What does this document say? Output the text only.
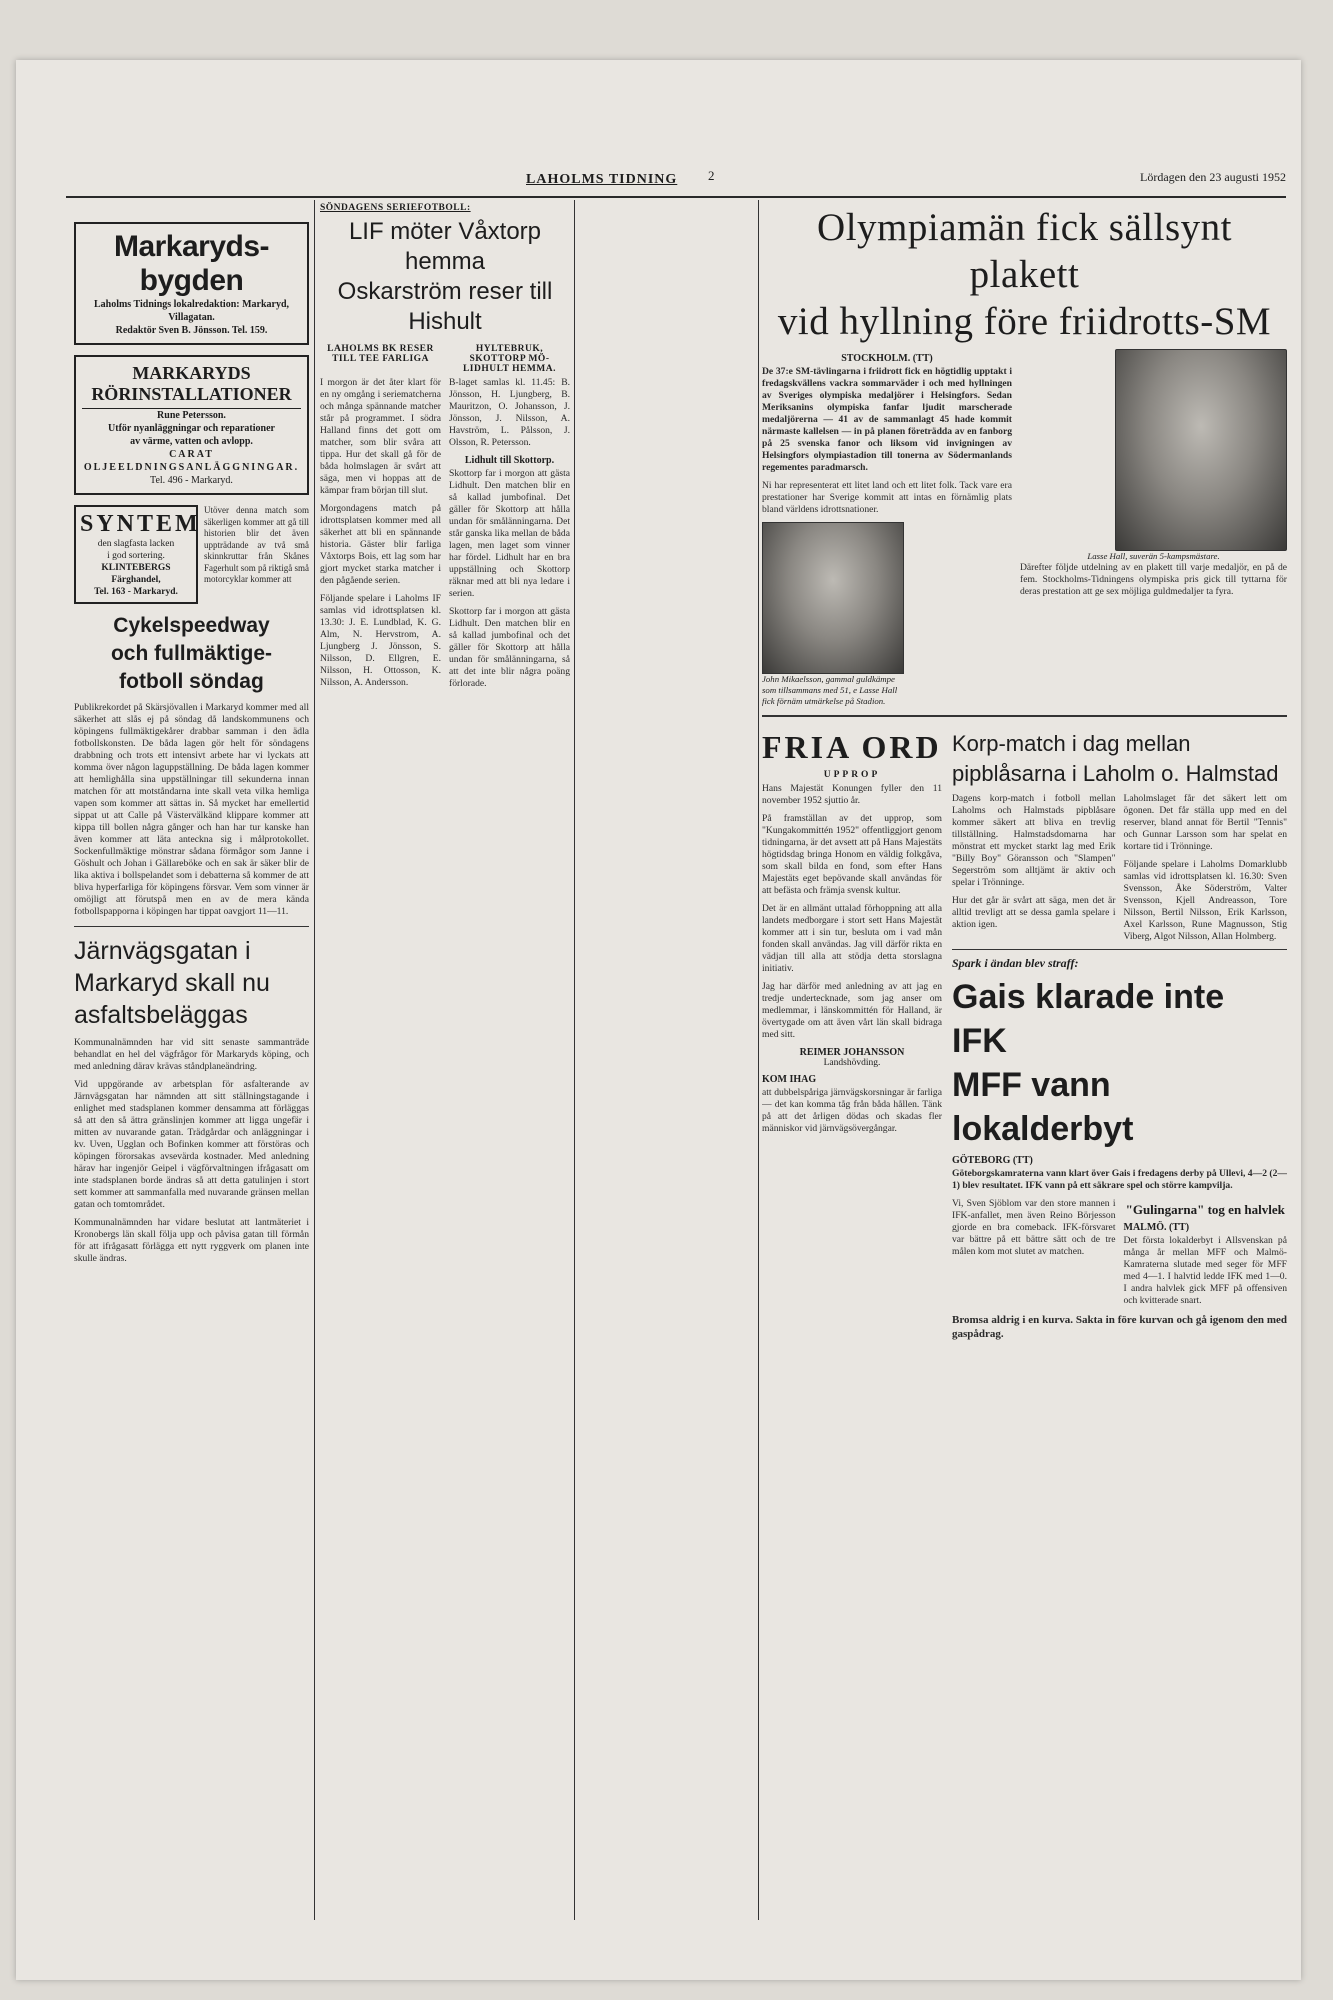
LAHOLMS TIDNING 2	Lördagen den 23 augusti 1952
Markaryds-bygden
Laholms Tidnings lokalredaktion: Markaryd, Villagatan.
Redaktör Sven B. Jönsson. Tel. 159.
MARKARYDS RÖRINSTALLATIONER
Rune Petersson.
Utför nyanläggningar och reparationer
av värme, vatten och avlopp.
CARAT OLJEELDNINGSANLÄGGNINGAR.
Tel. 496 - Markaryd.
SYNTEM
den slagfasta lacken
i god sortering.
KLINTEBERGS Färghandel,
Tel. 163 - Markaryd.

Utöver denna match som säkerligen kommer att gå till historien blir det även uppträdande av två små skinnkruttar från Skånes Fagerhult som på riktigå små motorcyklar kommer att

Cykelspeedway
och fullmäktige-
fotboll söndag

Publikrekordet på Skärsjövallen i Markaryd kommer med all säkerhet att slås ej på söndag då landskommunens och köpingens fullmäktigekårer drabbar samman i den ädla fotbollskonsten. De båda lagen gör helt för söndagens drabbning och trots ett intensivt arbete har vi lyckats att komma över någon laguppställning. De båda lagen kommer att hemlighålla sina uppställningar till sekunderna innan matchen för att motståndarna inte skall veta vilka hemliga vapen som kommer att sättas in. Så mycket har emellertid sippat ut att Calle på Västervälkänd klippare kommer att kippa till bollen några gånger och han har tur kanske han även kommer att läta anteckna sig i målprotokollet. Sockenfullmäktige mönstrar sådana förmågor som Janne i Göshult och Johan i Gällareböke och en sak är säker blir de lika aktiva i bollspelandet som i debatterna så kommer de att bliva hyperfarliga för köpingens försvar. Vem som vinner är omöjligt att förutspå men en av de mera kända fotbollspapporna i köpingen har tippat oavgjort 11—11.

Järnvägsgatan i Markaryd skall nu asfaltsbeläggas

Kommunalnämnden har vid sitt senaste sammanträde behandlat en hel del vägfrågor för Markaryds köping, och med anledning därav krävas ståndplaneändring.

Vid uppgörande av arbetsplan för asfalterande av Järnvägsgatan har nämnden att sitt ställningstagande i enlighet med stadsplanen kommer densamma att förläggas så att den så ättra gränslinjen kommer att ligga ungefär i mitten av nuvarande gatan. Trädgårdar och anläggningar i kv. Uven, Ugglan och Bofinken kommer att förstöras och köpingen förorsakas avsevärda kostnader. Med anledning härav har ingenjör Geipel i vägförvaltningen ifrågasatt om inte stadsplanen borde ändras så att detta gatulinjen i stort sett kommer att sammanfalla med nuvarande gränsen mellan gatan och tomtområdet.

Kommunalnämnden har vidare beslutat att lantmäteriet i Kronobergs län skall följa upp och påvisa gatan till förmån för att ifrågasatt förlägga ett nytt ryggverk om planen inte skulle ändras.

SÖNDAGENS SERIEFOTBOLL:
LIF möter Våxtorp hemma
Oskarström reser till Hishult
LAHOLMS BK RESER TILL TEE FARLIGA
HYLTEBRUK, SKOTTORP MÖ-LIDHULT HEMMA.

I morgon är det åter klart för en ny omgång i seriematcherna och många spännande matcher står på programmet. I södra Halland finns det gott om matcher, som blir svåra att tippa. Hur det skall gå för de båda holmslagen är svårt att säga, men vi hoppas att de kämpar fram början till slut.

Morgondagens match på idrottsplatsen kommer med all säkerhet att bli en spännande historia. Gäster blir farliga Våxtorps Bois, ett lag som har gjort mycket starka matcher i den pågående serien.

Följande spelare i Laholms IF samlas vid idrottsplatsen kl. 13.30: J. E. Lundblad, K. G. Alm, N. Hervstrom, A. Ljungberg J. Jönsson, S. Nilsson, D. Ellgren, E. Nilsson, H. Ottosson, K. Nilsson, A. Andersson.

B-laget samlas kl. 11.45: B. Jönsson, H. Ljungberg, B. Mauritzon, O. Johansson, J. Jönsson, J. Nilsson, A. Havström, L. Pålsson, J. Olsson, R. Petersson.

Lidhult till Skottorp.

Skottorp far i morgon att gästa Lidhult. Den matchen blir en så kallad jumbofinal. Det gäller för Skottorp att hålla undan för smålänningarna. Det står ganska lika mellan de båda lagen, men laget som vinner har fördel. Lidhult har en bra uppställning och Skottorp räknar med att bli nya ledare i serien.

Skottorp far i morgon att gästa Lidhult. Den matchen blir en så kallad jumbofinal och det gäller för Skottorp att hålla undan för smålänningarna, så att det inte blir några poäng förlorade.

Olympiamän fick sällsynt plakett
vid hyllning före friidrotts-SM
STOCKHOLM. (TT)

De 37:e SM-tävlingarna i friidrott fick en högtidlig upptakt i fredagskvällens vackra sommarväder i och med hyllningen av Sveriges olympiska medaljörer i Helsingfors. Sedan Meriksanins olympiska fanfar ljudit marscherade medaljörerna — 41 av de sammanlagt 45 hade kommit närmaste kallelsen — in på planen företrädda av en fanborg på 25 svenska fanor och liksom vid invigningen av Helsingfors olympiastadion till tonerna av Södermanlands regementes paradmarsch.

Ni har representerat ett litet land och ett litet folk. Tack vare era prestationer har Sverige kommit att intas en förnämlig plats bland världens idrottsnationer.

John Mikaelsson, gammal guldkämpe som tillsammans med 51, e Lasse Hall fick förnäm utmärkelse på Stadion.
Lasse Hall, suverän 5-kampsmästare.

Därefter följde utdelning av en plakett till varje medaljör, en på de fem. Stockholms-Tidningens olympiska pris gick till tyttarna för deras prestation att ge sex möjliga guldmedaljer ta fyra.

FRIA ORD
UPPROP

Hans Majestät Konungen fyller den 11 november 1952 sjuttio år.

På framställan av det upprop, som "Kungakommittén 1952" offentliggjort genom tidningarna, är det avsett att på Hans Majestäts högtidsdag bringa Honom en väldig folkgåva, som skall bilda en fond, som efter Hans Majestäts eget bepövande skall användas för att befästa och främja svensk kultur.

Det är en allmänt uttalad förhoppning att alla landets medborgare i stort sett Hans Majestät kommer att i sin tur, besluta om i vad mån fonden skall användas. Jag vill därför rikta en vädjan till alla att stödja detta storslagna initiativ.

Jag har därför med anledning av att jag en tredje undertecknade, som jag anser om medlemmar, i länskommittén för Halland, är övertygade om att även vårt län skall bidraga med sitt.

REIMER JOHANSSON
Landshövding.
KOM IHAG

att dubbelspåriga järnvägskorsningar är farliga — det kan komma tåg från båda hållen. Tänk på att det årligen dödas och skadas fler människor vid järnvägsövergångar.

Korp-match i dag mellan pipblåsarna i Laholm o. Halmstad

Dagens korp-match i fotboll mellan Laholms och Halmstads pipblåsare kommer säkert att bliva en trevlig tillställning. Halmstadsdomarna har mönstrat ett mycket starkt lag med Erik "Billy Boy" Göransson och "Slampen" Segerström som alltjämt är aktiv och spelar i Trönninge.

Hur det går är svårt att säga, men det är alltid trevligt att se dessa gamla spelare i aktion igen.

Laholmslaget får det säkert lett om ögonen. Det får ställa upp med en del reserver, bland annat för Bertil "Tennis" och Gunnar Larsson som har spelat en kortare tid i Trönninge.

Följande spelare i Laholms Domarklubb samlas vid idrottsplatsen kl. 16.30: Sven Svensson, Åke Söderström, Valter Svensson, Kjell Andreasson, Tore Nilsson, Bertil Nilsson, Erik Karlsson, Axel Karlsson, Rune Magnusson, Stig Viberg, Algot Nilsson, Allan Holmberg.

Spark i ändan blev straff:
Gais klarade inte IFK
MFF vann lokalderbyt
GÖTEBORG (TT)

Göteborgskamraterna vann klart över Gais i fredagens derby på Ullevi, 4—2 (2—1) blev resultatet. IFK vann på ett säkrare spel och större kampvilja.

Vi, Sven Sjöblom var den store mannen i IFK-anfallet, men även Reino Börjesson gjorde en bra comeback. IFK-försvaret var bättre på ett bättre sätt och de tre målen kom mot slutet av matchen.

"Gulingarna" tog en halvlek
MALMÖ. (TT)

Det första lokalderbyt i Allsvenskan på många år mellan MFF och Malmö-Kamraterna slutade med seger för MFF med 4—1. I halvtid ledde IFK med 1—0. I andra halvlek gick MFF på offensiven och kvitterade snart.

Bromsa aldrig i en kurva. Sakta in före kurvan och gå igenom den med gaspådrag.
